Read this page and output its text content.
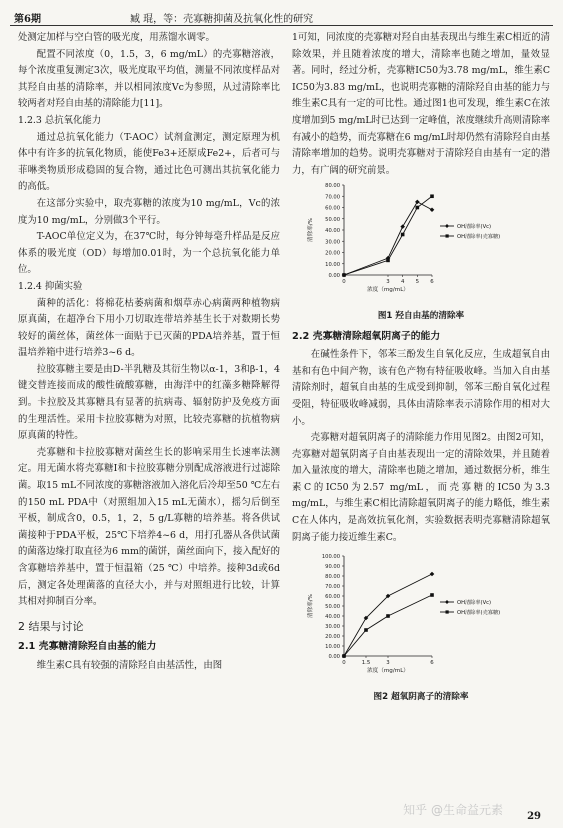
第6期	臧 琨，等：壳寡糖抑菌及抗氧化性的研究

处测定加样与空白管的吸光度，用蒸馏水调零。

配置不同浓度（0，1.5，3，6 mg/mL）的壳寡糖溶液，每个浓度重复测定3次，吸光度取平均值，测量不同浓度样品对其羟自由基的清除率，并以相同浓度Vc为参照，从过清除率比较两者对羟自由基的清除能力[11]。

1.2.3 总抗氧化能力

通过总抗氧化能力（T-AOC）试剂盒测定，测定原理为机体中有许多的抗氧化物质，能使Fe3+还原成Fe2+，后者可与菲啉类物质形成稳固的复合物，通过比色可测出其抗氧化能力的高低。

在这部分实验中，取壳寡糖的浓度为10 mg/mL，Vc的浓度为10 mg/mL，分别做3个平行。

T-AOC单位定义为，在37℃时，每分钟每毫升样品是反应体系的吸光度（OD）每增加0.01时，为一个总抗氧化能力单位。

1.2.4 抑菌实验

菌种的活化：将棉花枯萎病菌和烟草赤心病菌两种植物病原真菌，在超净台下用小刀切取连带培养基生长于对数期长势较好的菌丝体，菌丝体一面贴于已灭菌的PDA培养基，置于恒温培养箱中进行培养3~6 d。

拉胶寡糖主要是由D-半乳糖及其衍生物以α-1，3和β-1，4键交替连接而成的酸性硫酸寡糖，由海洋中的红藻多糖降解得到。卡拉胶及其寡糖具有显著的抗病毒、辐射防护及免疫方面的生理活性。采用卡拉胶寡糖为对照，比较壳寡糖的抗植物病原真菌的特性。

壳寡糖和卡拉胶寡糖对菌丝生长的影响采用生长速率法测定。用无菌水将壳寡糖Ⅰ和卡拉胶寡糖分别配成溶液进行过滤除菌。取15 mL不同浓度的寡糖溶液加入溶化后冷却至50 ℃左右的150 mL PDA中（对照组加入15 mL无菌水），摇匀后倒至平板，制成含0，0.5，1，2，5 g/L寡糖的培养基。将各供试菌接种于PDA平板，25℃下培养4~6 d，用打孔器从各供试菌的菌落边缘打取直径为6 mm的菌饼，菌丝面向下，接入配好的含寡糖培养基中，置于恒温箱（25 ℃）中培养。接种3d或6d后，测定各处理菌落的直径大小，并与对照组进行比较，计算其相对抑制百分率。

2 结果与讨论
2.1 壳寡糖清除羟自由基的能力

维生素C具有较强的清除羟自由基活性，由图

1可知，同浓度的壳寡糖对羟自由基表现出与维生素C相近的清除效果，并且随着浓度的增大，清除率也随之增加，量效显著。同时，经过分析，壳寡糖IC50为3.78 mg/mL，维生素C IC50为3.83 mg/mL，也说明壳寡糖的清除羟自由基的能力与维生素C具有一定的可比性。通过图1也可发现，维生素C在浓度增加到5 mg/mL时已达到一定峰值，浓度继续升高则清除率有减小的趋势，而壳寡糖在6 mg/mL时却仍然有清除羟自由基清除率增加的趋势。说明壳寡糖对于清除羟自由基有一定的潜力，有广阔的研究前景。

0.00
10.00
20.00
30.00
40.00
50.00
60.00
70.00
80.00
0	3 4 5 6
浓度（mg/mL）
清除率/%	OH清除率(Vc)
OH清除率(壳寡糖)
图1 羟自由基的清除率
2.2 壳寡糖清除超氧阴离子的能力

在碱性条件下，邻苯三酚发生自氧化反应，生成超氧自由基和有色中间产物，该有色产物有特征吸收峰。当加入自由基清除剂时，超氧自由基的生成受到抑制，邻苯三酚自氧化过程受阻，特征吸收峰减弱，具体由清除率表示清除作用的相对大小。

壳寡糖对超氧阴离子的清除能力作用见图2。由图2可知，壳寡糖对超氧阴离子自由基表现出一定的清除效果，并且随着加入量浓度的增大，清除率也随之增加，通过数据分析，维生素C的IC50为2.57 mg/mL，而壳寡糖的IC50为3.3 mg/mL，与维生素C相比清除超氧阴离子的能力略低，维生素C在人体内，是高效抗氧化剂，实验数据表明壳寡糖清除超氧阴离子能力接近维生素C。

0.00
10.00
20.00
30.00
40.00
50.00
60.00
70.00
80.00
90.00
100.00
0	1.5	3	6
浓度（mg/mL）
清除率/%	OH清除率(Vc)
OH清除率(壳寡糖)
图2 超氧阴离子的清除率
知乎 @生命益元素 29
